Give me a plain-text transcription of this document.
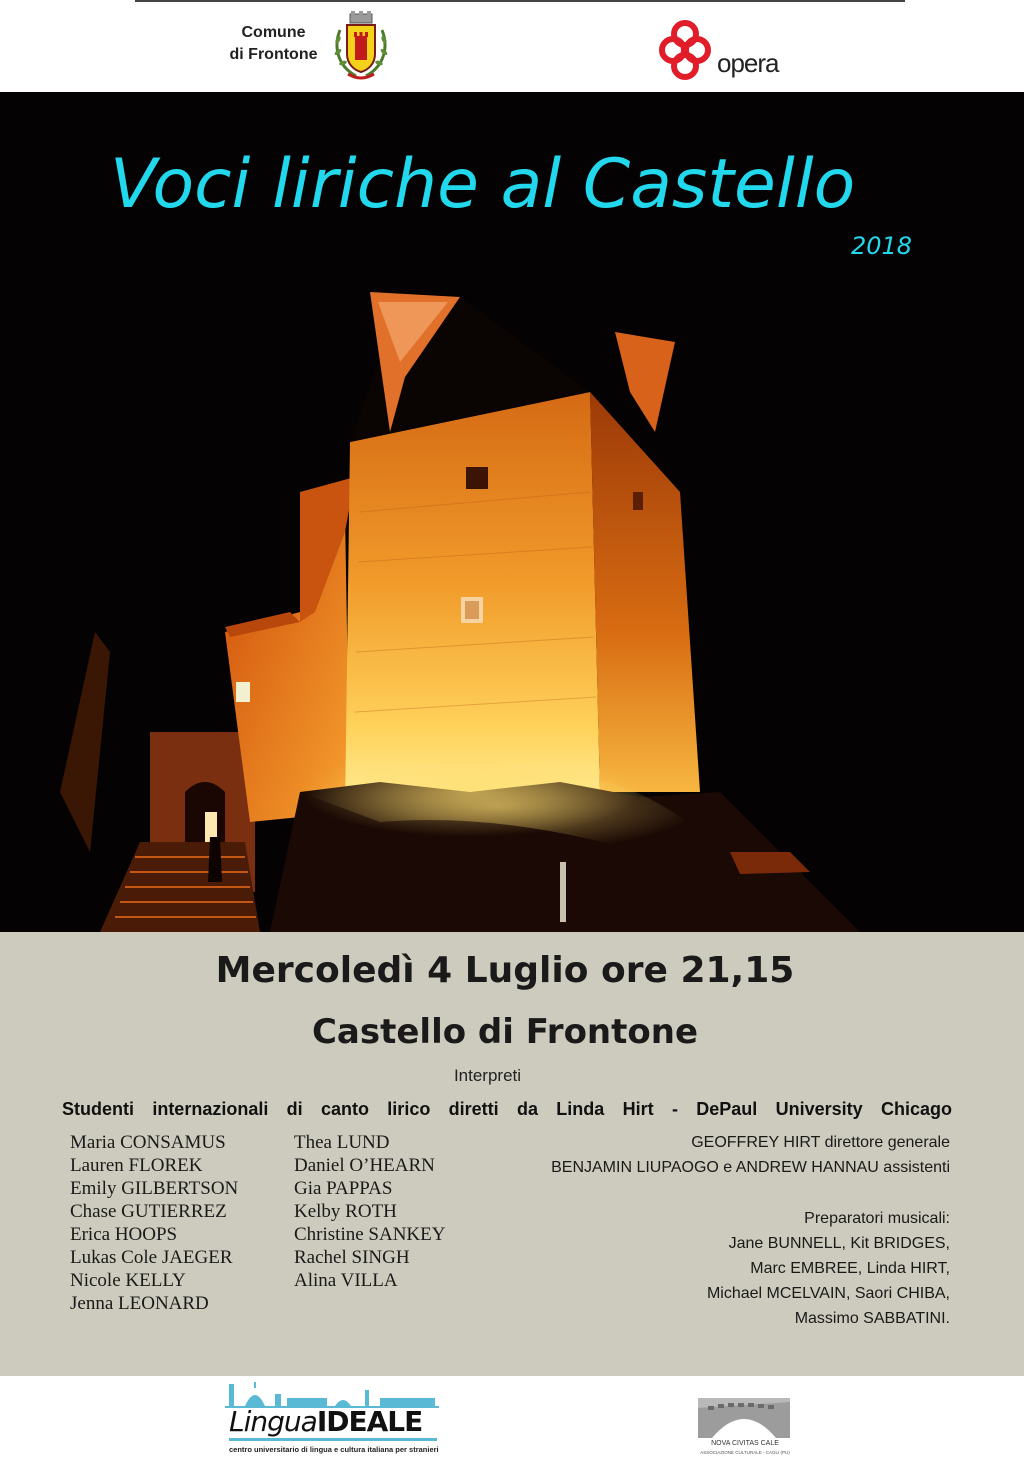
Comune
di Frontone	opera
Voci liriche al Castello
2018
Mercoledì 4 Luglio ore 21,15
Castello di Frontone
Interpreti
Studenti internazionali di canto lirico diretti da Linda Hirt - DePaul University Chicago
Maria CONSAMUS
Lauren FLOREK
Emily GILBERTSON
Chase GUTIERREZ
Erica HOOPS
Lukas Cole JAEGER
Nicole KELLY
Jenna LEONARD
Thea LUND
Daniel O’HEARN
Gia PAPPAS
Kelby ROTH
Christine SANKEY
Rachel SINGH
Alina VILLA
GEOFFREY HIRT direttore generale
BENJAMIN LIUPAOGO e ANDREW HANNAU assistenti
Preparatori musicali:
Jane BUNNELL, Kit BRIDGES,
Marc EMBREE, Linda HIRT,
Michael MCELVAIN, Saori CHIBA,
Massimo SABBATINI.
LinguaIDEALE
centro universitario di lingua e cultura italiana per stranieri
NOVA CIVITAS CALE
ASSOCIAZIONE CULTURALE - CAGLI (PU)
